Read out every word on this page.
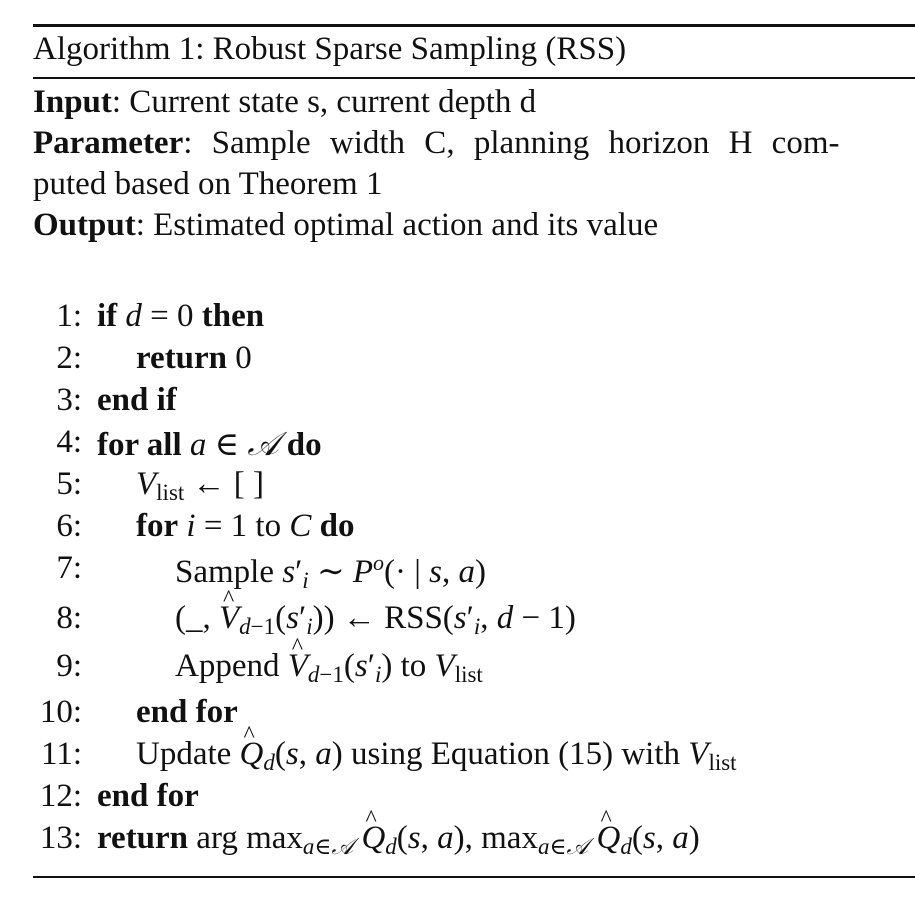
Algorithm 1: Robust Sparse Sampling (RSS)
Input: Current state s, current depth d
Parameter: Sample width C, planning horizon H com-
puted based on Theorem 1
Output: Estimated optimal action and its value
1: if d = 0 then
2: return 0
3: end if
4: for all a ∈ 𝒜 do
5: $V_{list}$ ← [ ]
6: for i = 1 to C do
7:	Sample $s'_i$ ∼ $P^o(\cdot$ | s, a)
8:	(_, ^ $V_{d-1}(s'_i)$) ← $RSS(s'_i$, d − 1)
9:	Append ^ $V_{d-1}(s'_i)$ to $V_{list}$
10: end for
11: Update ^ $Q_d(s$, a) using Equation (15) with $V_{list}$
12: end for
13: return arg $\max_{a\in 𝒜}$ ^ $Q_d(s$, a), $\max_{a\in 𝒜}$ ^ $Q_d(s$, a)
